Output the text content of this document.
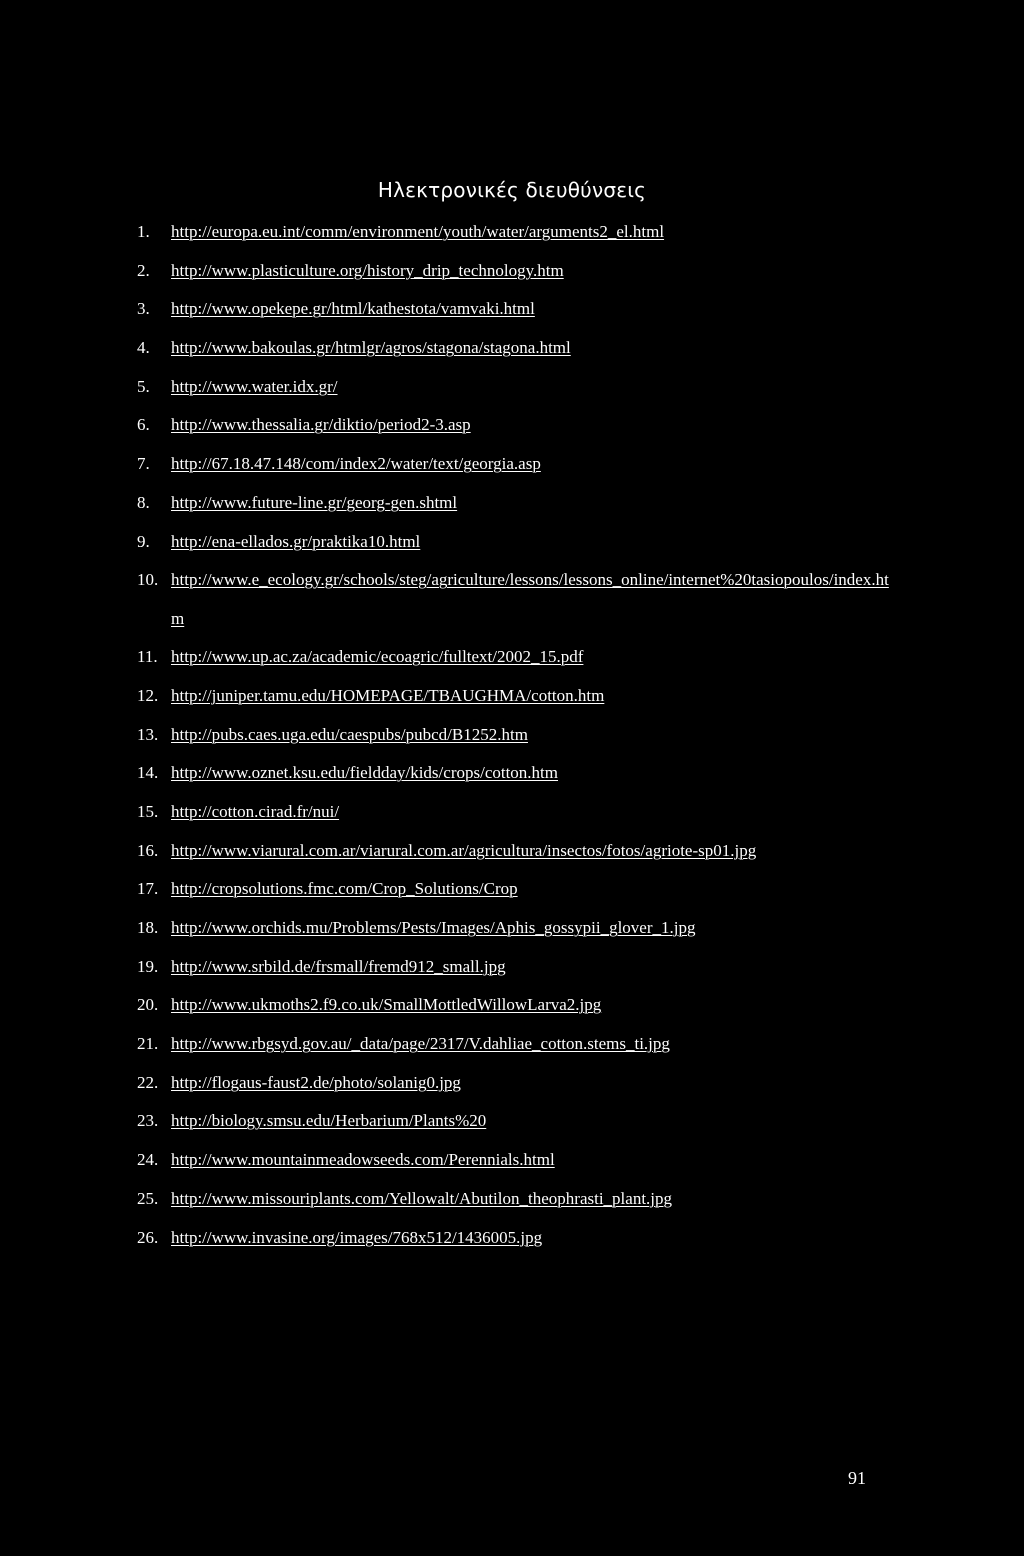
Ηλεκτρονικές διευθύνσεις
1.	http://europa.eu.int/comm/environment/youth/water/arguments2_el.html
2.	http://www.plasticulture.org/history_drip_technology.htm
3.	http://www.opekepe.gr/html/kathestota/vamvaki.html
4.	http://www.bakoulas.gr/htmlgr/agros/stagona/stagona.html
5.	http://www.water.idx.gr/
6.	http://www.thessalia.gr/diktio/period2-3.asp
7.	http://67.18.47.148/com/index2/water/text/georgia.asp
8.	http://www.future-line.gr/georg-gen.shtml
9.	http://ena-ellados.gr/praktika10.html
10. http://www.e_ecology.gr/schools/steg/agriculture/lessons/lessons_online/internet%20tasiopoulos/index.htm
11. http://www.up.ac.za/academic/ecoagric/fulltext/2002_15.pdf
12. http://juniper.tamu.edu/HOMEPAGE/TBAUGHMA/cotton.htm
13. http://pubs.caes.uga.edu/caespubs/pubcd/B1252.htm
14. http://www.oznet.ksu.edu/fieldday/kids/crops/cotton.htm
15. http://cotton.cirad.fr/nui/
16. http://www.viarural.com.ar/viarural.com.ar/agricultura/insectos/fotos/agriote-sp01.jpg
17. http://cropsolutions.fmc.com/Crop_Solutions/Crop
18. http://www.orchids.mu/Problems/Pests/Images/Aphis_gossypii_glover_1.jpg
19. http://www.srbild.de/frsmall/fremd912_small.jpg
20. http://www.ukmoths2.f9.co.uk/SmallMottledWillowLarva2.jpg
21. http://www.rbgsyd.gov.au/_data/page/2317/V.dahliae_cotton.stems_ti.jpg
22. http://flogaus-faust2.de/photo/solanig0.jpg
23. http://biology.smsu.edu/Herbarium/Plants%20
24. http://www.mountainmeadowseeds.com/Perennials.html
25. http://www.missouriplants.com/Yellowalt/Abutilon_theophrasti_plant.jpg
26. http://www.invasine.org/images/768x512/1436005.jpg
91
